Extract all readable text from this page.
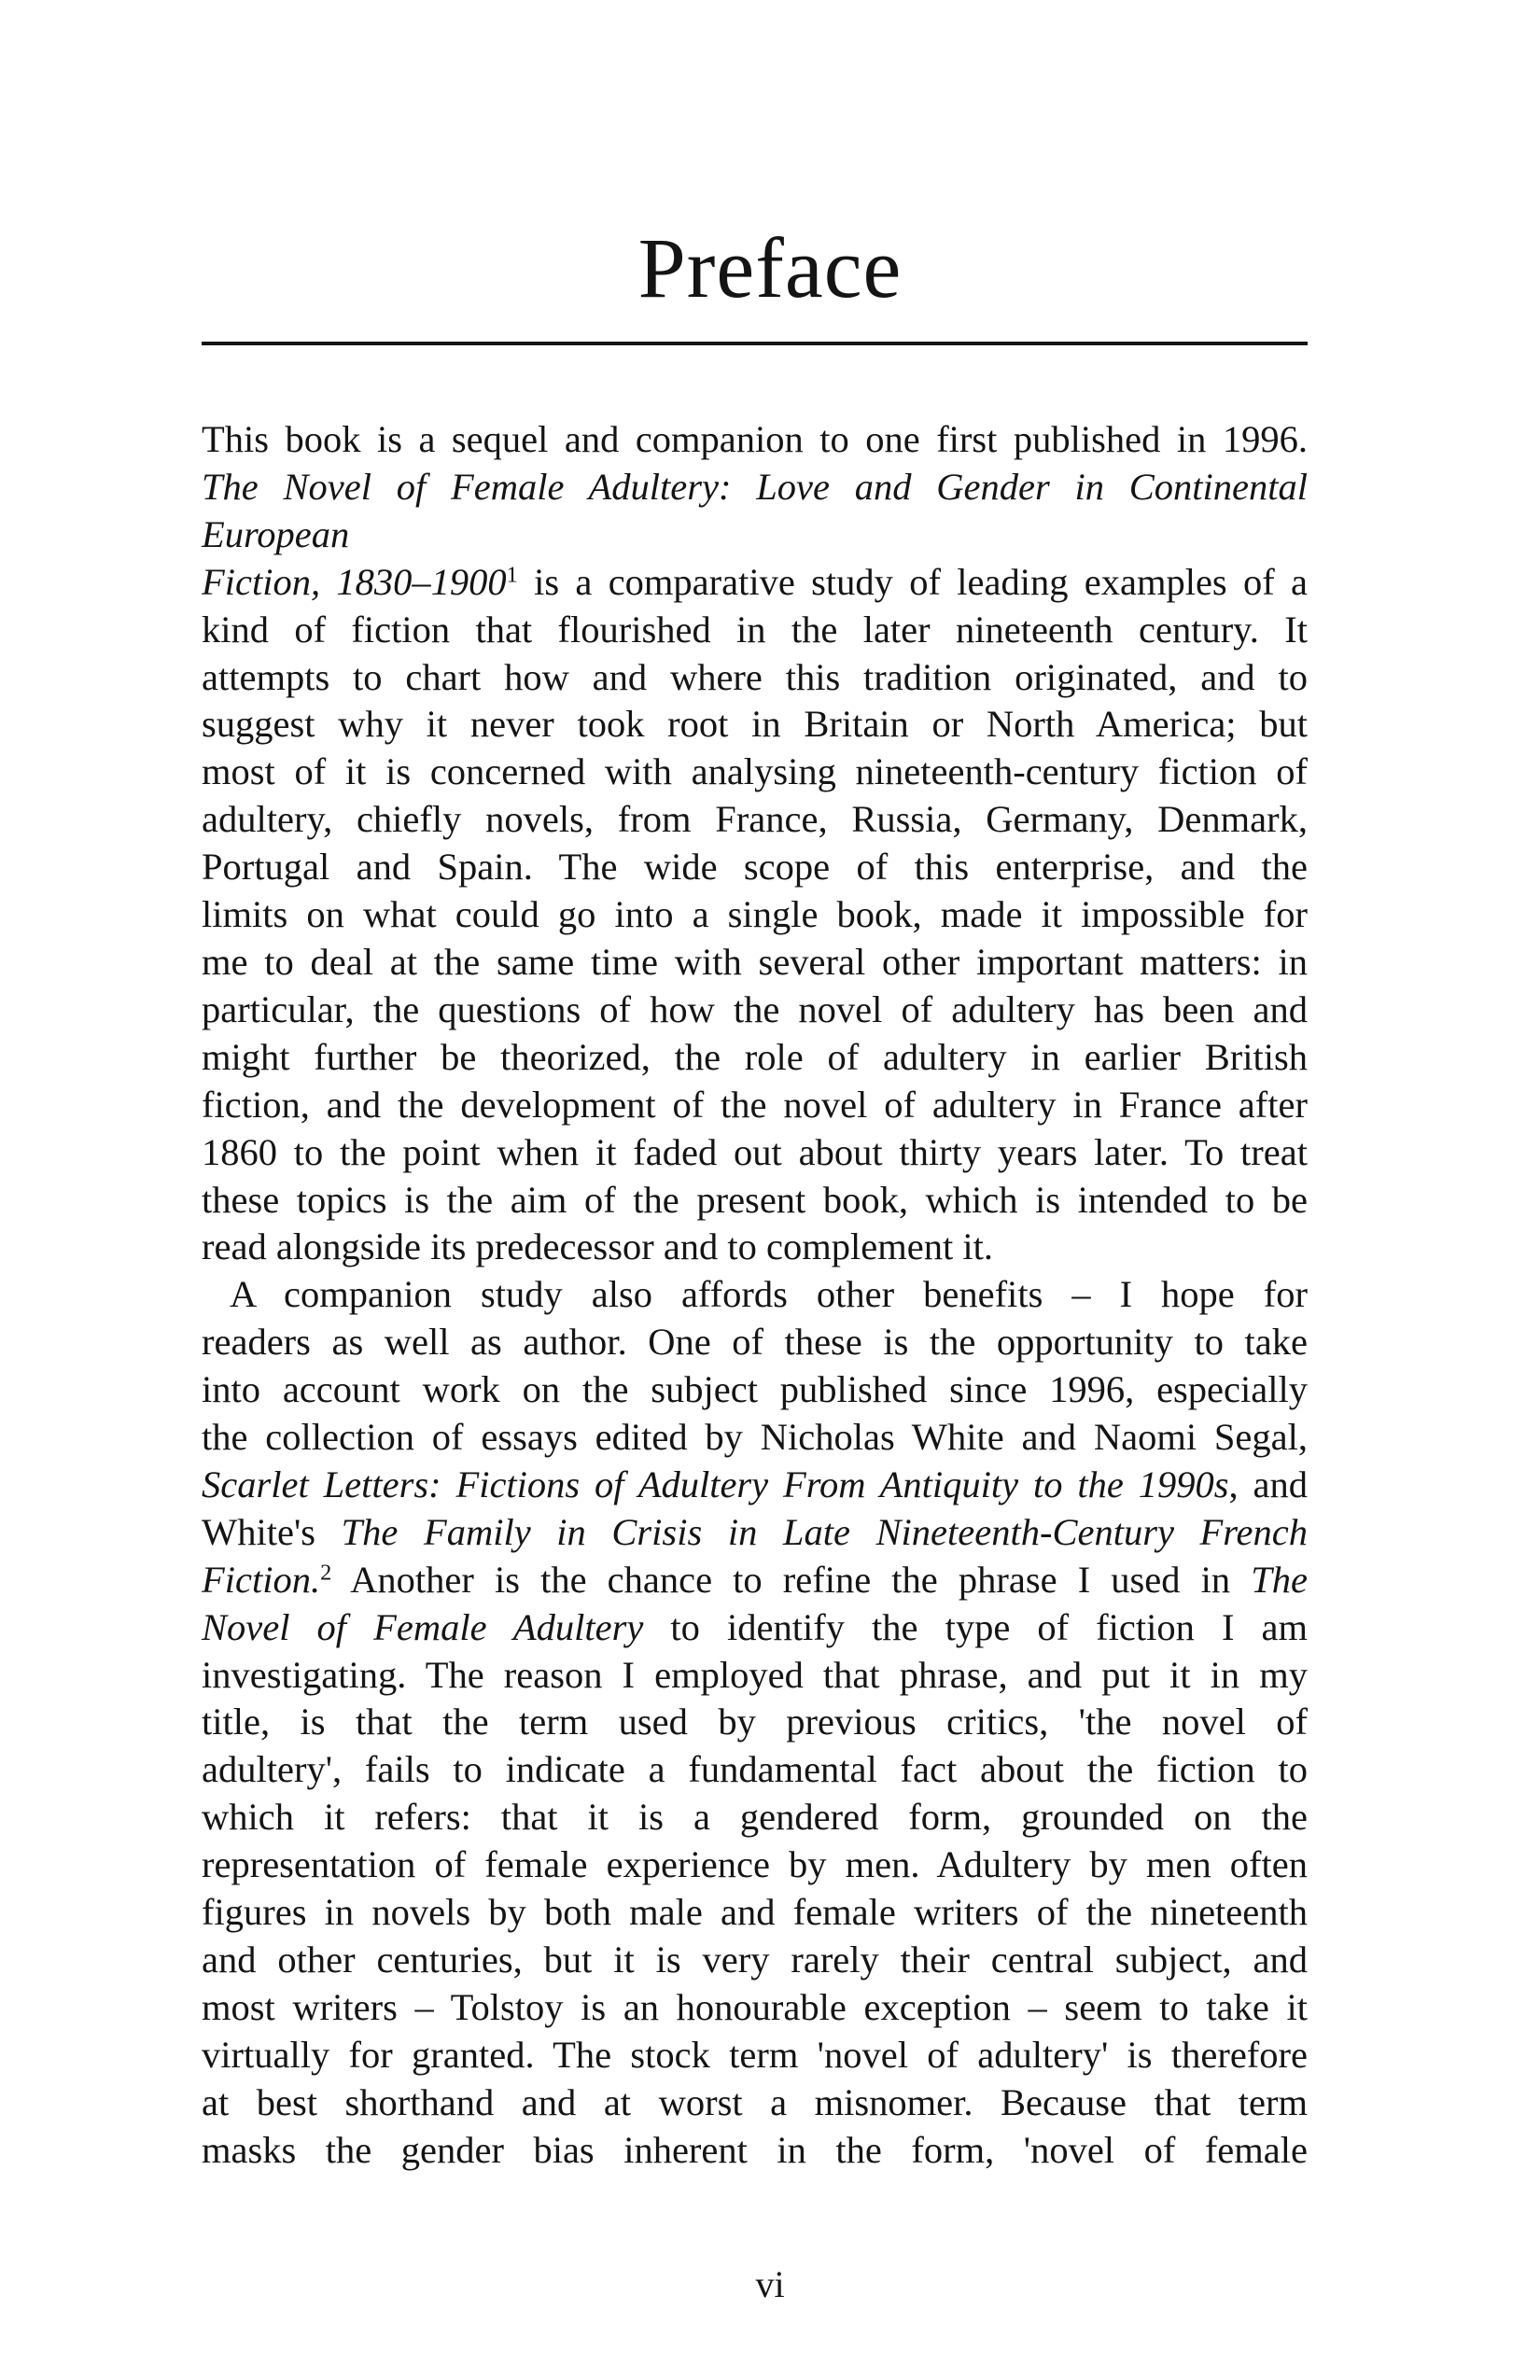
Preface

This book is a sequel and companion to one first published in 1996.
The Novel of Female Adultery: Love and Gender in Continental European
Fiction, 1830–1900$^1$ is a comparative study of leading examples of a
kind of fiction that flourished in the later nineteenth century. It
attempts to chart how and where this tradition originated, and to
suggest why it never took root in Britain or North America; but
most of it is concerned with analysing nineteenth-century fiction of
adultery, chiefly novels, from France, Russia, Germany, Denmark,
Portugal and Spain. The wide scope of this enterprise, and the
limits on what could go into a single book, made it impossible for
me to deal at the same time with several other important matters: in
particular, the questions of how the novel of adultery has been and
might further be theorized, the role of adultery in earlier British
fiction, and the development of the novel of adultery in France after
1860 to the point when it faded out about thirty years later. To treat
these topics is the aim of the present book, which is intended to be
read alongside its predecessor and to complement it.

A companion study also affords other benefits – I hope for
readers as well as author. One of these is the opportunity to take
into account work on the subject published since 1996, especially
the collection of essays edited by Nicholas White and Naomi Segal,
Scarlet Letters: Fictions of Adultery From Antiquity to the 1990s, and
White's The Family in Crisis in Late Nineteenth-Century French
Fiction.$^2$ Another is the chance to refine the phrase I used in The
Novel of Female Adultery to identify the type of fiction I am
investigating. The reason I employed that phrase, and put it in my
title, is that the term used by previous critics, 'the novel of
adultery', fails to indicate a fundamental fact about the fiction to
which it refers: that it is a gendered form, grounded on the
representation of female experience by men. Adultery by men often
figures in novels by both male and female writers of the nineteenth
and other centuries, but it is very rarely their central subject, and
most writers – Tolstoy is an honourable exception – seem to take it
virtually for granted. The stock term 'novel of adultery' is therefore
at best shorthand and at worst a misnomer. Because that term
masks the gender bias inherent in the form, 'novel of female

vi
